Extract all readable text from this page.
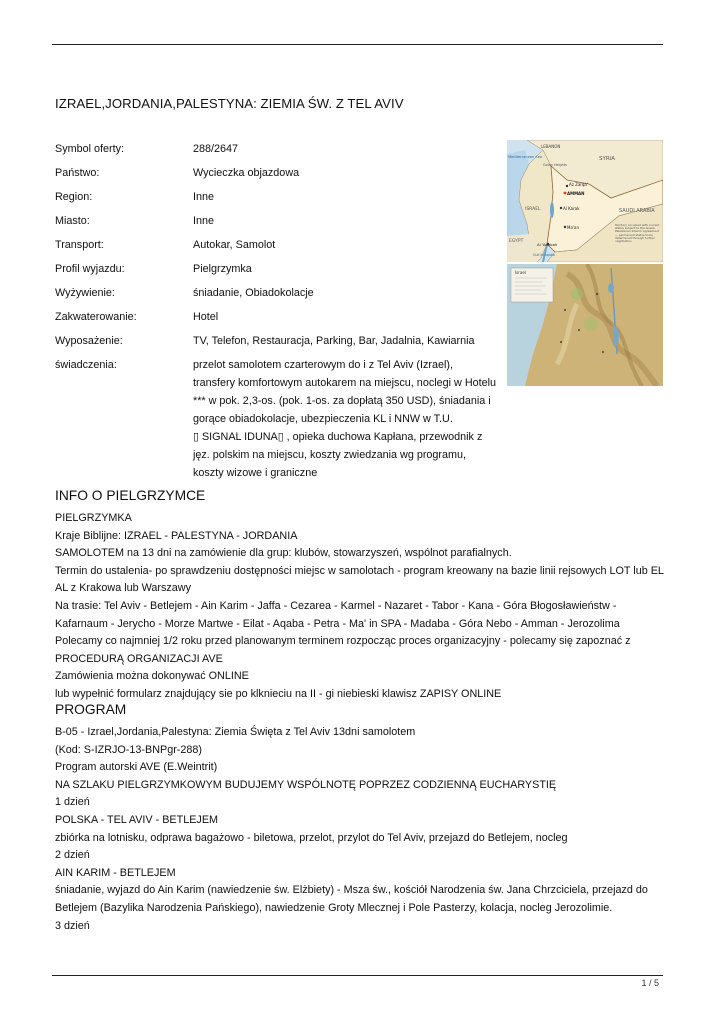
IZRAEL,JORDANIA,PALESTYNA: ZIEMIA ŚW. Z TEL AVIV
Symbol oferty:	288/2647
Państwo:	Wycieczka objazdowa
Region:	Inne
Miasto:	Inne
Transport:	Autokar, Samolot
Profil wyjazdu:	Pielgrzymka
Wyżywienie:	śniadanie, Obiadokolacje
Zakwaterowanie:	Hotel
Wyposażenie:	TV, Telefon, Restauracja, Parking, Bar, Jadalnia, Kawiarnia
świadczenia:	przelot samolotem czarterowym do i z Tel Aviv (Izrael),
transfery komfortowym autokarem na miejscu, noclegi w Hotelu
*** w pok. 2,3-os. (pok. 1-os. za dopłatą 350 USD), śniadania i
gorące obiadokolacje, ubezpieczenia KL i NNW w T.U.
▯ SIGNAL IDUNA▯ , opieka duchowa Kapłana, przewodnik z
jęz. polskim na miejscu, koszty zwiedzania wg programu,
koszty wizowe i graniczne
LEBANON
SYRIA
Mediterranean Sea
Golan Heights
Az Zarqa'
AMMAN
Al Karak
Ma'an
ISRAEL
EGYPT
Al 'Aqabah
Gulf of Aqaba
SAUDI ARABIA
Territory occupied with current status subject to the Israeli-Palestinian Interim Agreement — permanent status to be determined through further negotiation.
Israel
INFO O PIELGRZYMCE

PIELGRZYMKA

Kraje Biblijne: IZRAEL - PALESTYNA - JORDANIA

SAMOLOTEM na 13 dni na zamówienie dla grup: klubów, stowarzyszeń, wspólnot parafialnych.

Termin do ustalenia- po sprawdzeniu dostępności miejsc w samolotach - program kreowany na bazie linii rejsowych LOT lub EL

AL z Krakowa lub Warszawy

Na trasie: Tel Aviv - Betlejem - Ain Karim - Jaffa - Cezarea - Karmel - Nazaret - Tabor - Kana - Góra Błogosławieństw -

Kafarnaum - Jerycho - Morze Martwe - Eilat - Aqaba - Petra - Ma' in SPA - Madaba - Góra Nebo - Amman - Jerozolima

Polecamy co najmniej 1/2 roku przed planowanym terminem rozpocząc proces organizacyjny - polecamy się zapoznać z

PROCEDURĄ ORGANIZACJI AVE

Zamówienia można dokonywać ONLINE

lub wypełnić formularz znajdujący sie po klknieciu na II - gi niebieski klawisz ZAPISY ONLINE

PROGRAM

B-05 - Izrael,Jordania,Palestyna: Ziemia Święta z Tel Aviv 13dni samolotem

(Kod: S-IZRJO-13-BNPgr-288)

Program autorski AVE (E.Weintrit)

NA SZLAKU PIELGRZYMKOWYM BUDUJEMY WSPÓLNOTĘ POPRZEZ CODZIENNĄ EUCHARYSTIĘ

1 dzień

POLSKA - TEL AVIV - BETLEJEM

zbiórka na lotnisku, odprawa bagażowo - biletowa, przelot, przylot do Tel Aviv, przejazd do Betlejem, nocleg

2 dzień

AIN KARIM - BETLEJEM

śniadanie, wyjazd do Ain Karim (nawiedzenie św. Elżbiety) - Msza św., kościół Narodzenia św. Jana Chrzciciela, przejazd do

Betlejem (Bazylika Narodzenia Pańskiego), nawiedzenie Groty Mlecznej i Pole Pasterzy, kolacja, nocleg Jerozolimie.

3 dzień

1 / 5
